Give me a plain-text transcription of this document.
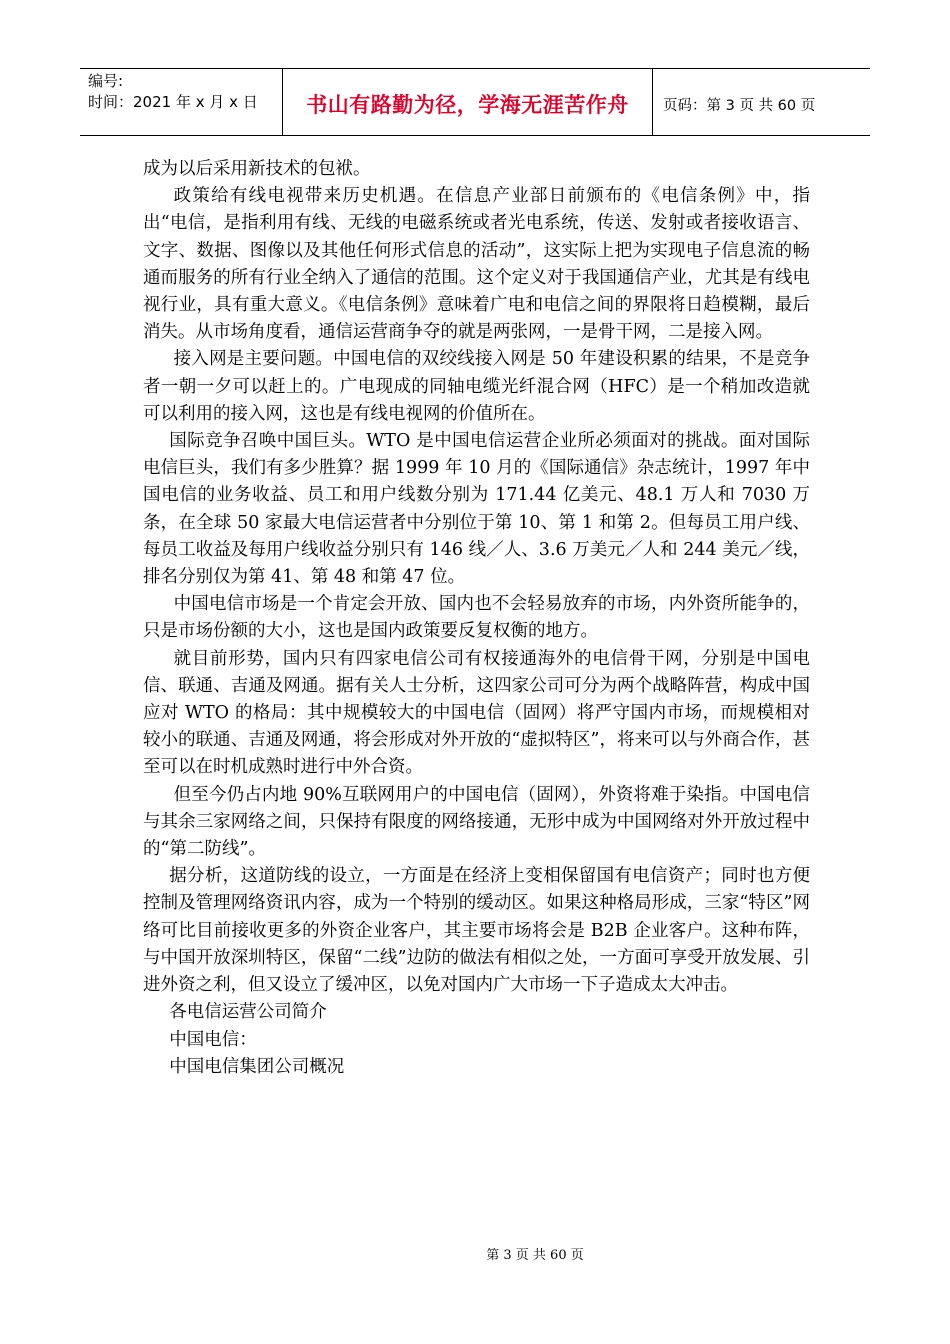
编号:
时间：2021 年 x 月 x 日	书山有路勤为径，学海无涯苦作舟 页码：第 3 页 共 60 页

成为以后采用新技术的包袱。

政策给有线电视带来历史机遇。在信息产业部日前颁布的《电信条例》中，指出“电信，是指利用有线、无线的电磁系统或者光电系统，传送、发射或者接收语言、文字、数据、图像以及其他任何形式信息的活动”，这实际上把为实现电子信息流的畅通而服务的所有行业全纳入了通信的范围。这个定义对于我国通信产业，尤其是有线电视行业，具有重大意义。《电信条例》意味着广电和电信之间的界限将日趋模糊，最后消失。从市场角度看，通信运营商争夺的就是两张网，一是骨干网，二是接入网。

接入网是主要问题。中国电信的双绞线接入网是 50 年建设积累的结果，不是竞争者一朝一夕可以赶上的。广电现成的同轴电缆光纤混合网（HFC）是一个稍加改造就可以利用的接入网，这也是有线电视网的价值所在。

国际竞争召唤中国巨头。WTO 是中国电信运营企业所必须面对的挑战。面对国际电信巨头，我们有多少胜算？据 1999 年 10 月的《国际通信》杂志统计，1997 年中国电信的业务收益、员工和用户线数分别为 171.44 亿美元、48.1 万人和 7030 万条，在全球 50 家最大电信运营者中分别位于第 10、第 1 和第 2。但每员工用户线、每员工收益及每用户线收益分别只有 146 线／人、3.6 万美元／人和 244 美元／线，排名分别仅为第 41、第 48 和第 47 位。

中国电信市场是一个肯定会开放、国内也不会轻易放弃的市场，内外资所能争的，只是市场份额的大小，这也是国内政策要反复权衡的地方。

就目前形势，国内只有四家电信公司有权接通海外的电信骨干网，分别是中国电信、联通、吉通及网通。据有关人士分析，这四家公司可分为两个战略阵营，构成中国应对 WTO 的格局：其中规模较大的中国电信（固网）将严守国内市场，而规模相对较小的联通、吉通及网通，将会形成对外开放的“虚拟特区”，将来可以与外商合作，甚至可以在时机成熟时进行中外合资。

但至今仍占内地 90%互联网用户的中国电信（固网），外资将难于染指。中国电信与其余三家网络之间，只保持有限度的网络接通，无形中成为中国网络对外开放过程中的“第二防线”。

据分析，这道防线的设立，一方面是在经济上变相保留国有电信资产；同时也方便控制及管理网络资讯内容，成为一个特别的缓动区。如果这种格局形成，三家“特区”网络可比目前接收更多的外资企业客户，其主要市场将会是 B2B 企业客户。这种布阵，与中国开放深圳特区，保留“二线”边防的做法有相似之处，一方面可享受开放发展、引进外资之利，但又设立了缓冲区，以免对国内广大市场一下子造成太大冲击。

各电信运营公司简介

中国电信：

中国电信集团公司概况

第 3 页 共 60 页
